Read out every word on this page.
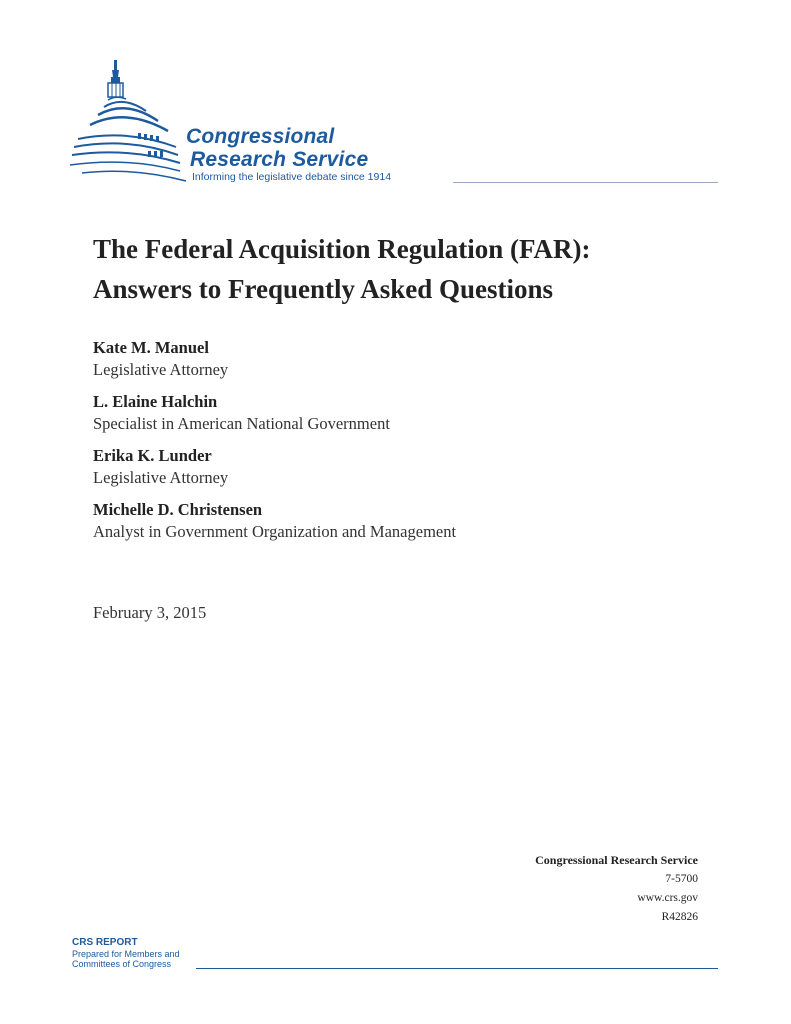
Congressional
Research Service
Informing the legislative debate since 1914
The Federal Acquisition Regulation (FAR):
Answers to Frequently Asked Questions
Kate M. Manuel
Legislative Attorney
L. Elaine Halchin
Specialist in American National Government
Erika K. Lunder
Legislative Attorney
Michelle D. Christensen
Analyst in Government Organization and Management
February 3, 2015
Congressional Research Service
7-5700
www.crs.gov
R42826
CRS REPORT
Prepared for Members and
Committees of Congress
